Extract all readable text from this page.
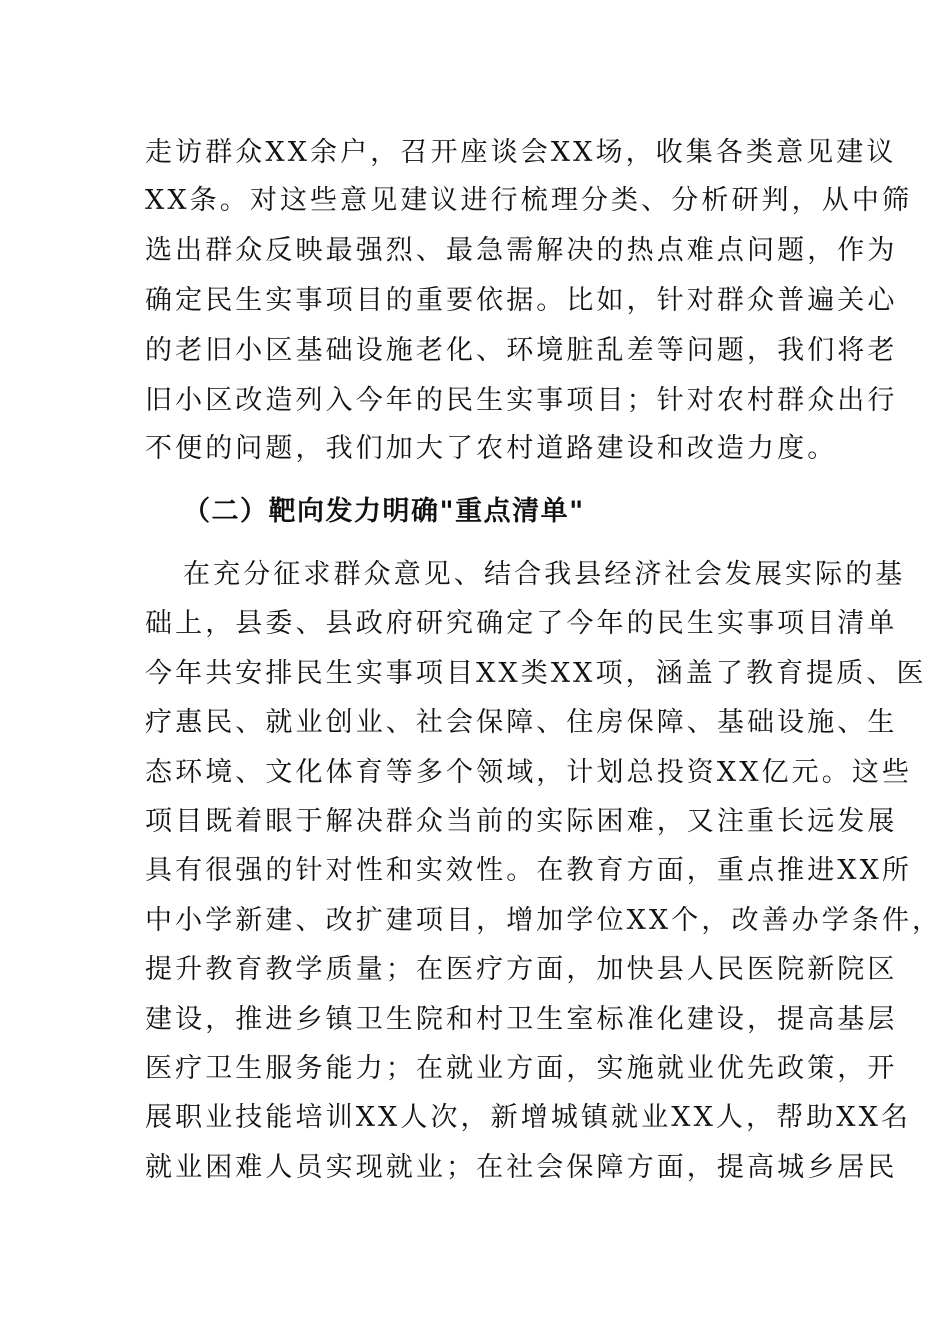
走访群众XX余户，召开座谈会XX场，收集各类意见建议
XX条。对这些意见建议进行梳理分类、分析研判，从中筛
选出群众反映最强烈、最急需解决的热点难点问题，作为
确定民生实事项目的重要依据。比如，针对群众普遍关心
的老旧小区基础设施老化、环境脏乱差等问题，我们将老
旧小区改造列入今年的民生实事项目；针对农村群众出行
不便的问题，我们加大了农村道路建设和改造力度。
（二）靶向发力明确"重点清单"
在充分征求群众意见、结合我县经济社会发展实际的基
础上，县委、县政府研究确定了今年的民生实事项目清单
今年共安排民生实事项目XX类XX项，涵盖了教育提质、医
疗惠民、就业创业、社会保障、住房保障、基础设施、生
态环境、文化体育等多个领域，计划总投资XX亿元。这些
项目既着眼于解决群众当前的实际困难，又注重长远发展
具有很强的针对性和实效性。在教育方面，重点推进XX所
中小学新建、改扩建项目，增加学位XX个，改善办学条件，
提升教育教学质量；在医疗方面，加快县人民医院新院区
建设，推进乡镇卫生院和村卫生室标准化建设，提高基层
医疗卫生服务能力；在就业方面，实施就业优先政策，开
展职业技能培训XX人次，新增城镇就业XX人，帮助XX名
就业困难人员实现就业；在社会保障方面，提高城乡居民
